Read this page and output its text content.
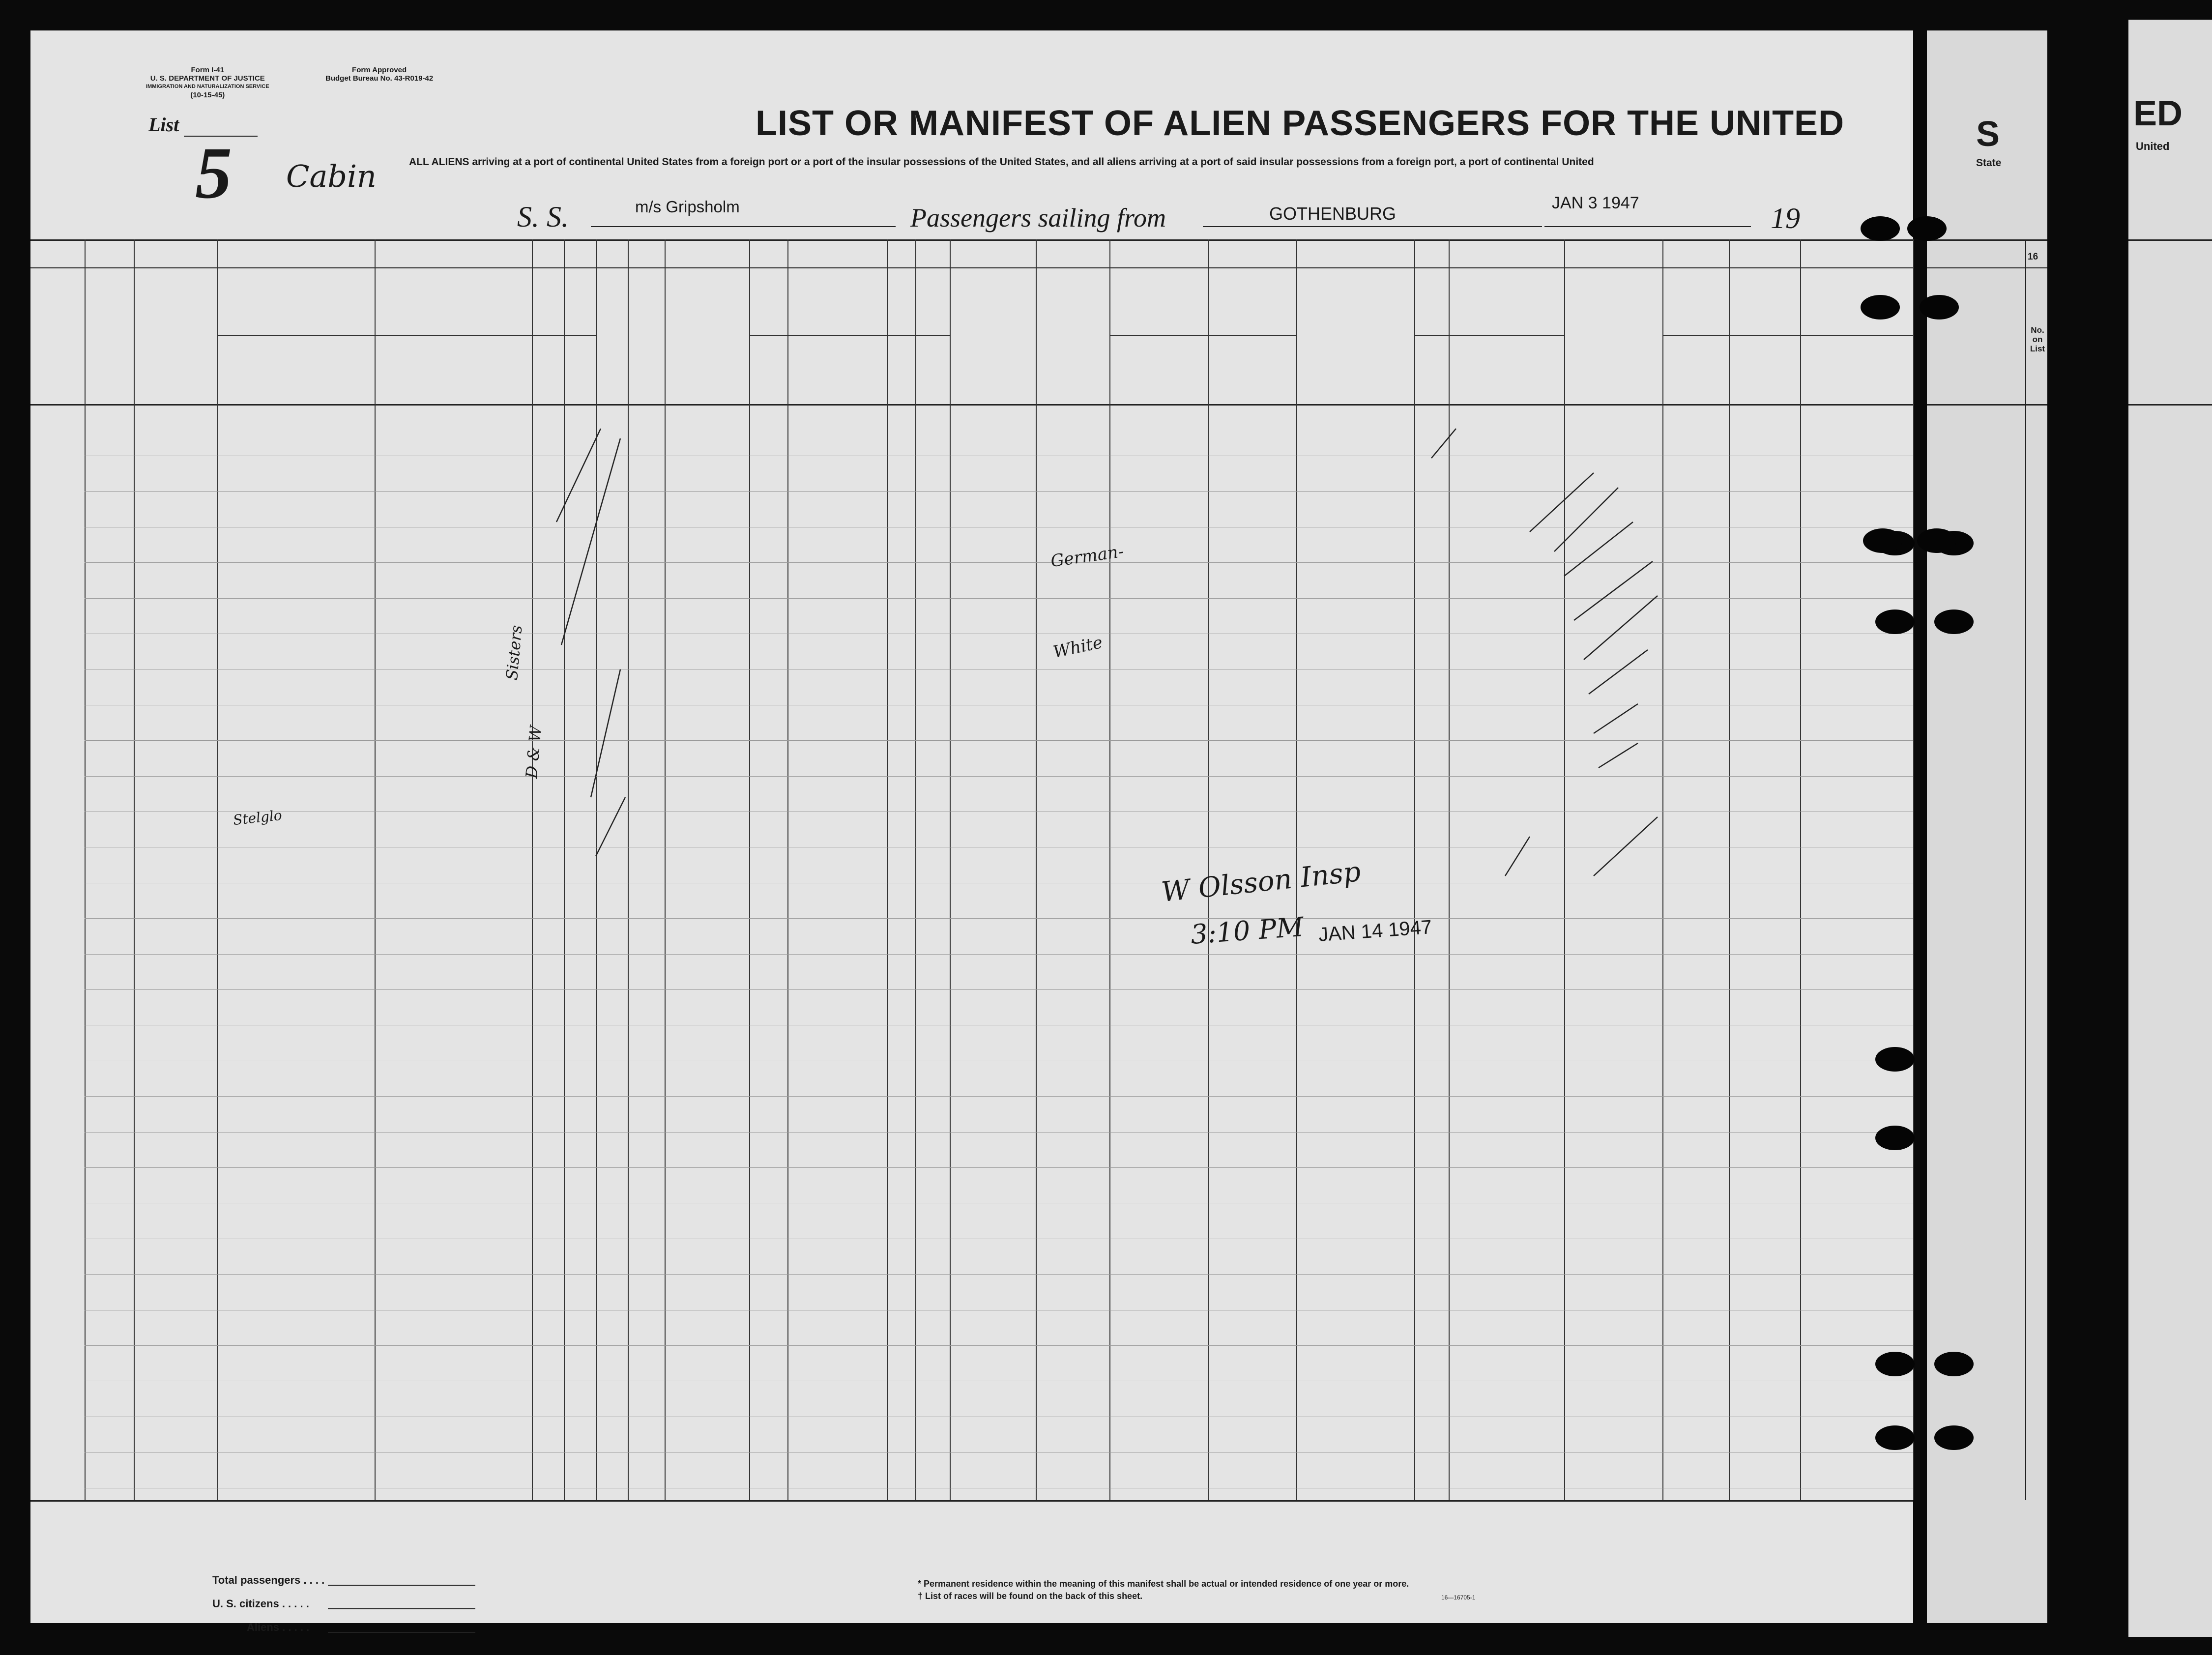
Form I-41
U. S. DEPARTMENT OF JUSTICE
IMMIGRATION AND NATURALIZATION SERVICE
(10-15-45)
Form Approved
Budget Bureau No. 43-R019-42
List
5 Cabin
LIST OR MANIFEST OF ALIEN PASSENGERS FOR THE UNITED
ALL ALIENS arriving at a port of continental United States from a foreign port or a port of the insular possessions of the United States, and all aliens arriving at a port of said insular possessions from a foreign port, a port of continental United
S. S.	m/s Gripsholm	Passengers sailing from	GOTHENBURG
JAN 3 1947	19
German-
White
Stelglo
Sisters
D & W
W Olsson Insp
3:10 PM JAN 14 1947
Total passengers . . . .
U. S. citizens . . . . .
Aliens . . . . .
* Permanent residence within the meaning of this manifest shall be actual or intended residence of one year or more.
† List of races will be found on the back of this sheet.	16—16705-1
S
State
16
No. on List
ED
United
